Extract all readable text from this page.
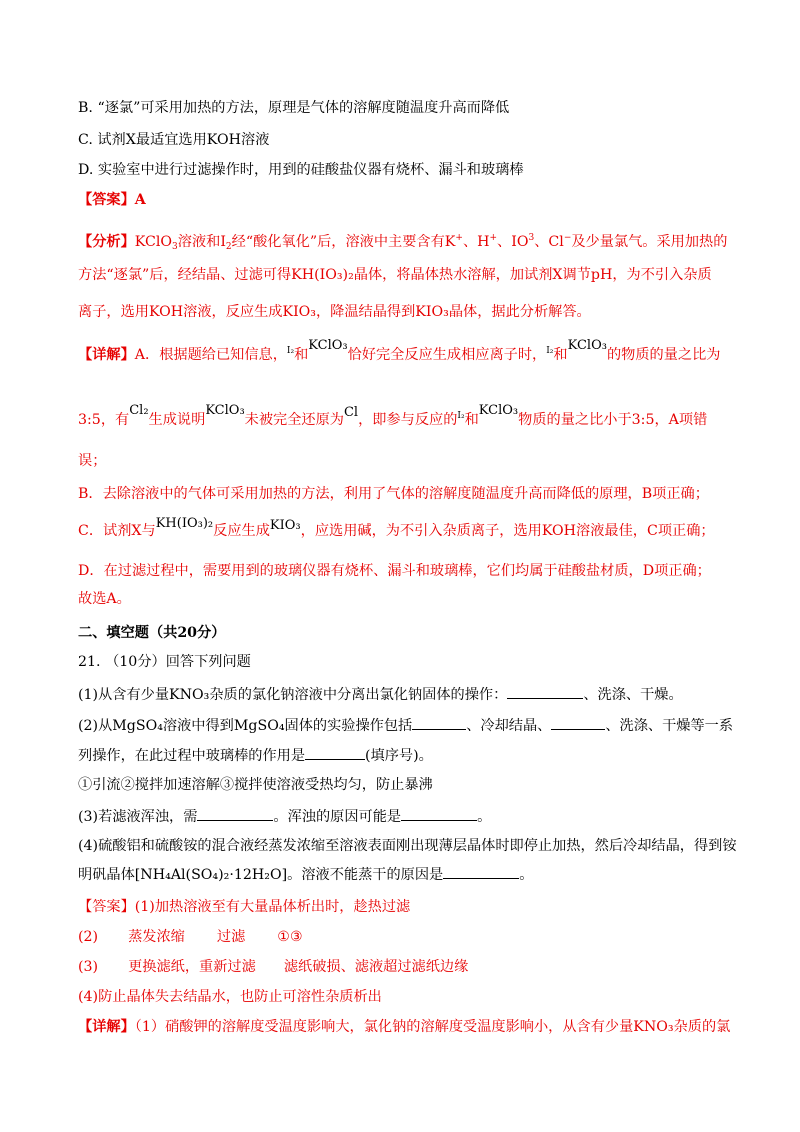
B. “逐氯”可采用加热的方法，原理是气体的溶解度随温度升高而降低
C. 试剂X最适宜选用KOH溶液
D. 实验室中进行过滤操作时，用到的硅酸盐仪器有烧杯、漏斗和玻璃棒
【答案】A
【分析】KClO$_3$溶液和$I_2$经“酸化氧化”后，溶液中主要含有K+、H+、$IO^3$、Cl−及少量氯气。采用加热的
方法“逐氯”后，经结晶、过滤可得KH(IO₃)₂晶体，将晶体热水溶解，加试剂X调节pH，为不引入杂质
离子，选用KOH溶液，反应生成KIO₃，降温结晶得到KIO₃晶体，据此分析解答。
【详解】A．根据题给已知信息，I₂和KClO₃恰好完全反应生成相应离子时，I₂和KClO₃的物质的量之比为
3:5，有Cl₂生成说明KClO₃未被完全还原为Cl，即参与反应的I₂和KClO₃物质的量之比小于3:5，A项错
误；
B．去除溶液中的气体可采用加热的方法，利用了气体的溶解度随温度升高而降低的原理，B项正确；
C．试剂X与KH(IO₃)₂反应生成KIO₃，应选用碱，为不引入杂质离子，选用KOH溶液最佳，C项正确；
D．在过滤过程中，需要用到的玻璃仪器有烧杯、漏斗和玻璃棒，它们均属于硅酸盐材质，D项正确；
故选A。
二、填空题（共20分）
21. （10分）回答下列问题
(1)从含有少量KNO₃杂质的氯化钠溶液中分离出氯化钠固体的操作：	、洗涤、干燥。
(2)从MgSO₄溶液中得到MgSO₄固体的实验操作包括	、冷却结晶、	、洗涤、干燥等一系
列操作，在此过程中玻璃棒的作用是	(填序号)。
①引流②搅拌加速溶解③搅拌使溶液受热均匀，防止暴沸
(3)若滤液浑浊，需	。浑浊的原因可能是	。
(4)硫酸铝和硫酸铵的混合液经蒸发浓缩至溶液表面刚出现薄层晶体时即停止加热，然后冷却结晶，得到铵
明矾晶体[NH₄Al(SO₄)₂·12H₂O]。溶液不能蒸干的原因是	。
【答案】(1)加热溶液至有大量晶体析出时，趁热过滤
(2) 蒸发浓缩 过滤 ①③
(3) 更换滤纸，重新过滤 滤纸破损、滤液超过滤纸边缘
(4)防止晶体失去结晶水，也防止可溶性杂质析出
【详解】（1）硝酸钾的溶解度受温度影响大，氯化钠的溶解度受温度影响小，从含有少量KNO₃杂质的氯
